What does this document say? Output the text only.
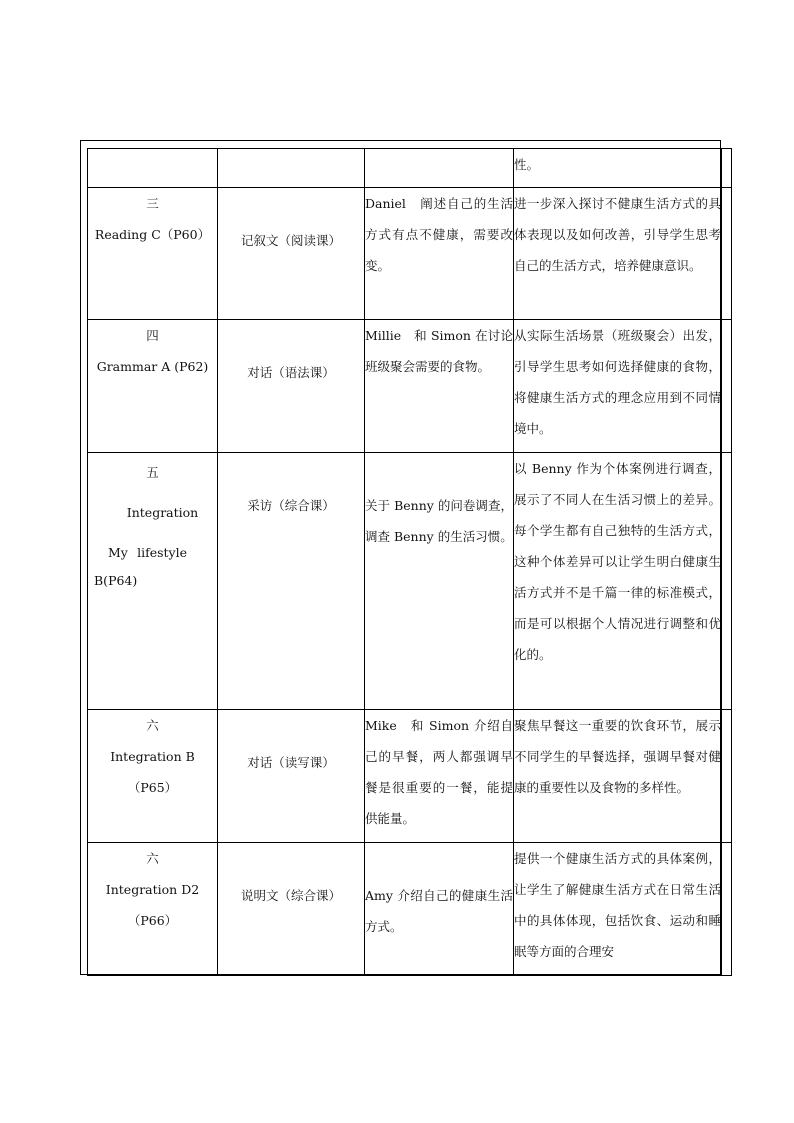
			性。	

三
Reading C（P60）	记叙文（阅读课）	Daniel　阐述自己的生活方式有点不健康，需要改变。	进一步深入探讨不健康生活方式的具体表现以及如何改善，引导学生思考自己的生活方式，培养健康意识。	

四
Grammar A (P62)	对话（语法课）	Millie　和 Simon 在讨论班级聚会需要的食物。	从实际生活场景（班级聚会）出发，引导学生思考如何选择健康的食物，将健康生活方式的理念应用到不同情境中。	

五
Integration
My lifestyle
B(P64)	采访（综合课）	关于 Benny 的问卷调查，调查 Benny 的生活习惯。	以 Benny 作为个体案例进行调查，展示了不同人在生活习惯上的差异。每个学生都有自己独特的生活方式，这种个体差异可以让学生明白健康生活方式并不是千篇一律的标准模式，而是可以根据个人情况进行调整和优化的。	

六
Integration B
（P65）	对话（读写课）	Mike　和 Simon 介绍自己的早餐，两人都强调早餐是很重要的一餐，能提供能量。	聚焦早餐这一重要的饮食环节，展示不同学生的早餐选择，强调早餐对健康的重要性以及食物的多样性。	

六
Integration D2
（P66）	说明文（综合课）	Amy 介绍自己的健康生活方式。	提供一个健康生活方式的具体案例，让学生了解健康生活方式在日常生活中的具体体现，包括饮食、运动和睡眠等方面的合理安	
